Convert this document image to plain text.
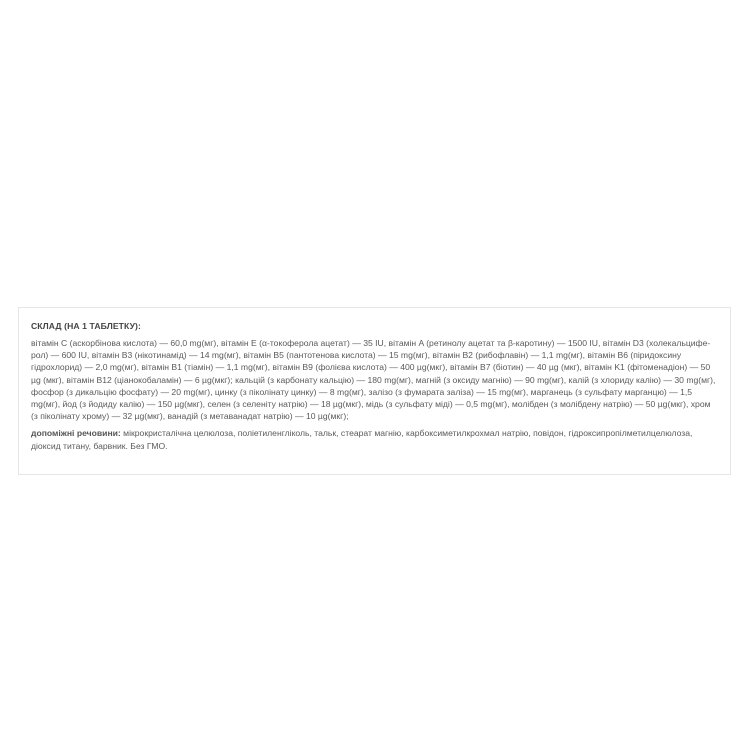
СКЛАД (НА 1 ТАБЛЕТКУ):

вітамін C (аскорбінова кислота) — 60,0 mg(мг), вітамін E (α-токоферола ацетат) — 35 IU, вітамін A (ретинолу ацетат та β-каротину) — 1500 IU, вітамін D3 (холекальцифе- рол) — 600 IU, вітамін B3 (нікотинамід) — 14 mg(мг), вітамін B5 (пантотенова кислота) — 15 mg(мг), вітамін B2 (рибофлавін) — 1,1 mg(мг), вітамін B6 (піридоксину гідрохлорид) — 2,0 mg(мг), вітамін B1 (тіамін) — 1,1 mg(мг), вітамін B9 (фолієва кислота) — 400 µg(мкг), вітамін B7 (біотин) — 40 µg (мкг), вітамін K1 (фітоменадіон) — 50 µg (мкг), вітамін B12 (ціанокобаламін) — 6 µg(мкг); кальцій (з карбонату кальцію) — 180 mg(мг), магній (з оксиду магнію) — 90 mg(мг), калій (з хлориду калію) — 30 mg(мг), фосфор (з дикальцію фосфату) — 20 mg(мг), цинку (з піколінату цинку) — 8 mg(мг), залізо (з фумарата заліза) — 15 mg(мг), марганець (з сульфату марганцю) — 1,5 mg(мг), йод (з йодиду калію) — 150 µg(мкг), селен (з селеніту натрію) — 18 µg(мкг), мідь (з сульфату міді) — 0,5 mg(мг), молібден (з молібдену натрію) — 50 µg(мкг), хром (з піколінату хрому) — 32 µg(мкг), ванадій (з метаванадат натрію) — 10 µg(мкг);

допоміжні речовини: мікрокристалічна целюлоза, поліетиленгліколь, тальк, стеарат магнію, карбоксиметилкрохмал натрію, повідон, гідроксипропілметилцелюлоза, діоксид титану, барвник. Без ГМО.
